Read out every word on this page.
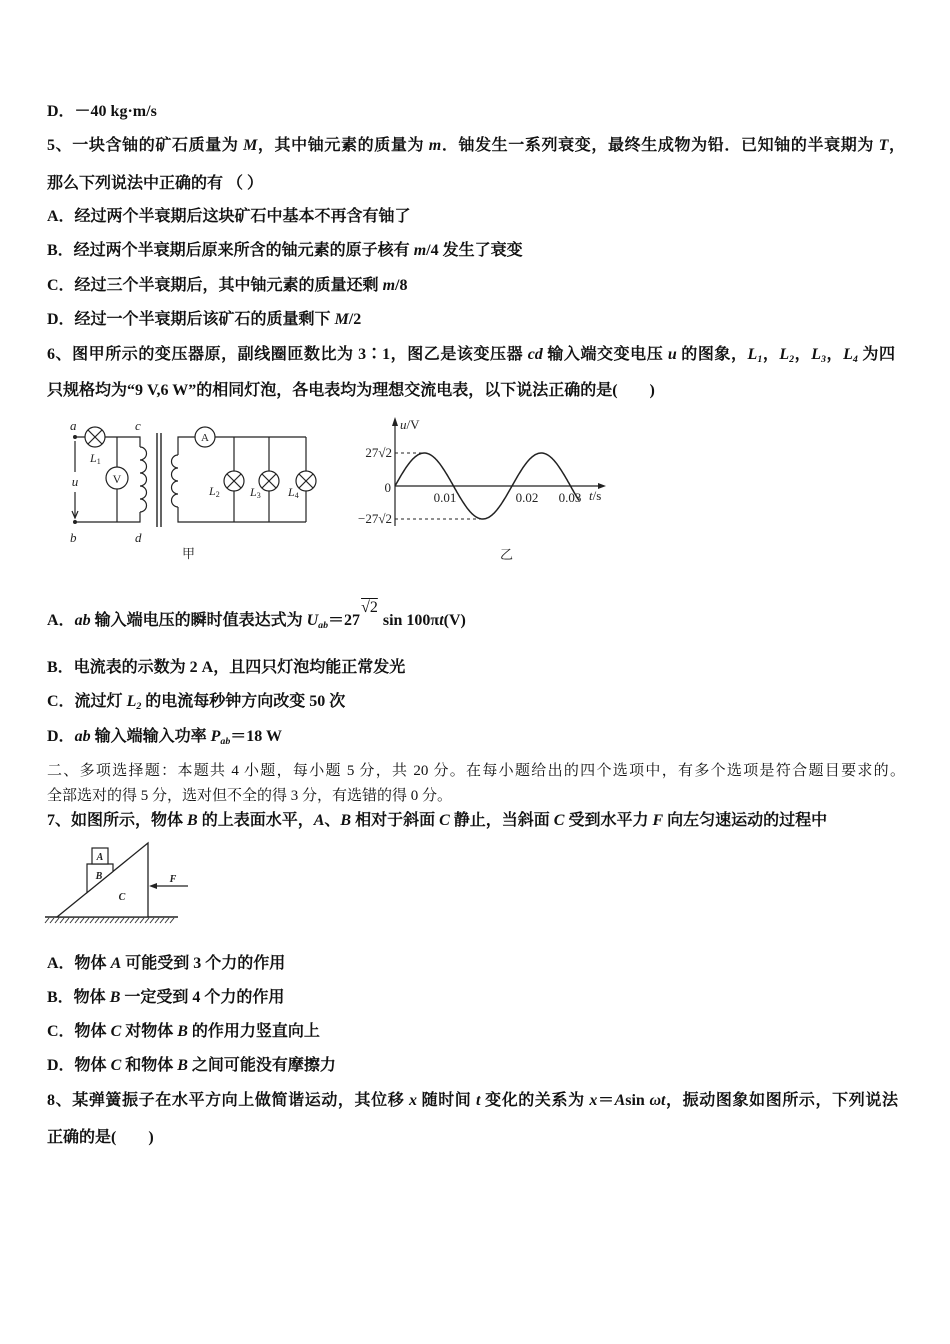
D．－40 kg·m/s
5、一块含铀的矿石质量为 M，其中铀元素的质量为 m．铀发生一系列衰变，最终生成物为铅．已知铀的半衰期为 T，
那么下列说法中正确的有 （ ）
A．经过两个半衰期后这块矿石中基本不再含有铀了
B．经过两个半衰期后原来所含的铀元素的原子核有 m/4 发生了衰变
C．经过三个半衰期后，其中铀元素的质量还剩 m/8
D．经过一个半衰期后该矿石的质量剩下 M/2
6、图甲所示的变压器原，副线圈匝数比为 3∶1，图乙是该变压器 cd 输入端交变电压 u 的图象，L1，L2，L3，L4 为四
只规格均为“9 V,6 W”的相同灯泡，各电表均为理想交流电表，以下说法正确的是(        )
V
A
a	c
u
b	d
L1
L2	L3 L4
甲
u/V
t/s
27√2
−27√2
0
0.01	0.02 0.03
乙
A．ab 输入端电压的瞬时值表达式为 Uab＝27√2 sin 100πt(V)
B．电流表的示数为 2 A，且四只灯泡均能正常发光
C．流过灯 L2 的电流每秒钟方向改变 50 次
D．ab 输入端输入功率 Pab＝18 W
二、多项选择题：本题共 4 小题，每小题 5 分，共 20 分。在每小题给出的四个选项中，有多个选项是符合题目要求的。
全部选对的得 5 分，选对但不全的得 3 分，有选错的得 0 分。
7、如图所示，物体 B 的上表面水平，A、B 相对于斜面 C 静止，当斜面 C 受到水平力 F 向左匀速运动的过程中
A
B
C
F
A．物体 A 可能受到 3 个力的作用
B．物体 B 一定受到 4 个力的作用
C．物体 C 对物体 B 的作用力竖直向上
D．物体 C 和物体 B 之间可能没有摩擦力
8、某弹簧振子在水平方向上做简谐运动，其位移 x 随时间 t 变化的关系为 x＝Asin ωt，振动图象如图所示，下列说法
正确的是(        )
